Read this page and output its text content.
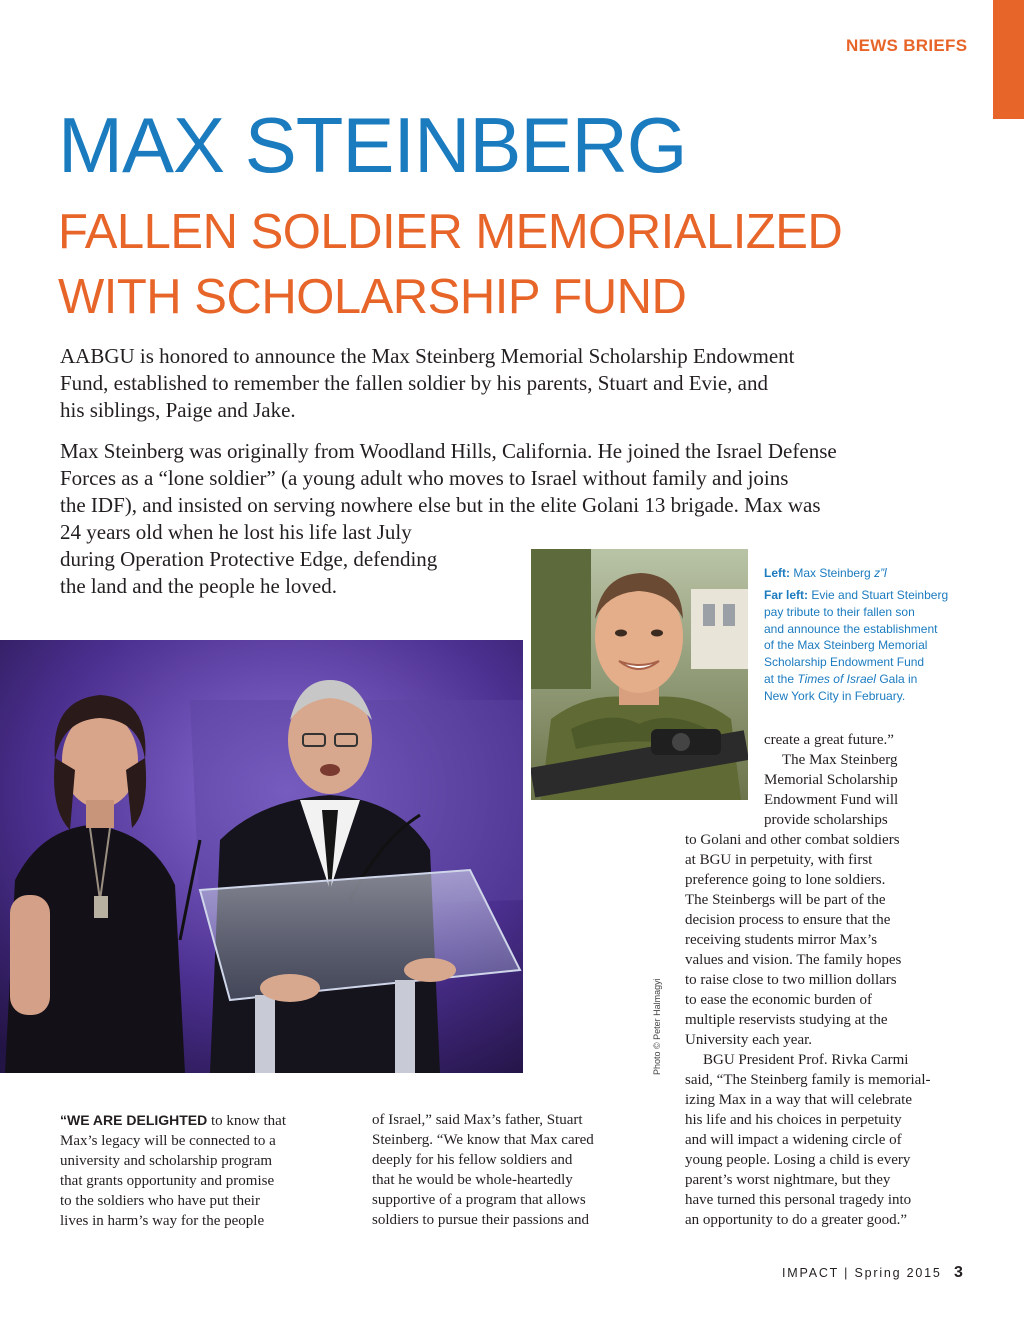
NEWS BRIEFS
MAX STEINBERG
FALLEN SOLDIER MEMORIALIZED
WITH SCHOLARSHIP FUND
AABGU is honored to announce the Max Steinberg Memorial Scholarship Endowment
Fund, established to remember the fallen soldier by his parents, Stuart and Evie, and
his siblings, Paige and Jake.
Max Steinberg was originally from Woodland Hills, California. He joined the Israel Defense
Forces as a “lone soldier” (a young adult who moves to Israel without family and joins
the IDF), and insisted on serving nowhere else but in the elite Golani 13 brigade. Max was
24 years old when he lost his life last July
during Operation Protective Edge, defending
the land and the people he loved.
Photo © Peter Halmagyi
Left: Max Steinberg z”l
Far left: Evie and Stuart Steinberg
pay tribute to their fallen son
and announce the establishment
of the Max Steinberg Memorial
Scholarship Endowment Fund
at the Times of Israel Gala in
New York City in February.
create a great future.”
The Max Steinberg
Memorial Scholarship
Endowment Fund will
provide scholarships
to Golani and other combat soldiers
at BGU in perpetuity, with first
preference going to lone soldiers.
The Steinbergs will be part of the
decision process to ensure that the
receiving students mirror Max’s
values and vision. The family hopes
to raise close to two million dollars
to ease the economic burden of
multiple reservists studying at the
University each year.
BGU President Prof. Rivka Carmi
said, “The Steinberg family is memorial-
izing Max in a way that will celebrate
his life and his choices in perpetuity
and will impact a widening circle of
young people. Losing a child is every
parent’s worst nightmare, but they
have turned this personal tragedy into
an opportunity to do a greater good.”
“WE ARE DELIGHTED to know that
Max’s legacy will be connected to a
university and scholarship program
that grants opportunity and promise
to the soldiers who have put their
lives in harm’s way for the people
of Israel,” said Max’s father, Stuart
Steinberg. “We know that Max cared
deeply for his fellow soldiers and
that he would be whole-heartedly
supportive of a program that allows
soldiers to pursue their passions and
IMPACT | Spring 2015 3
